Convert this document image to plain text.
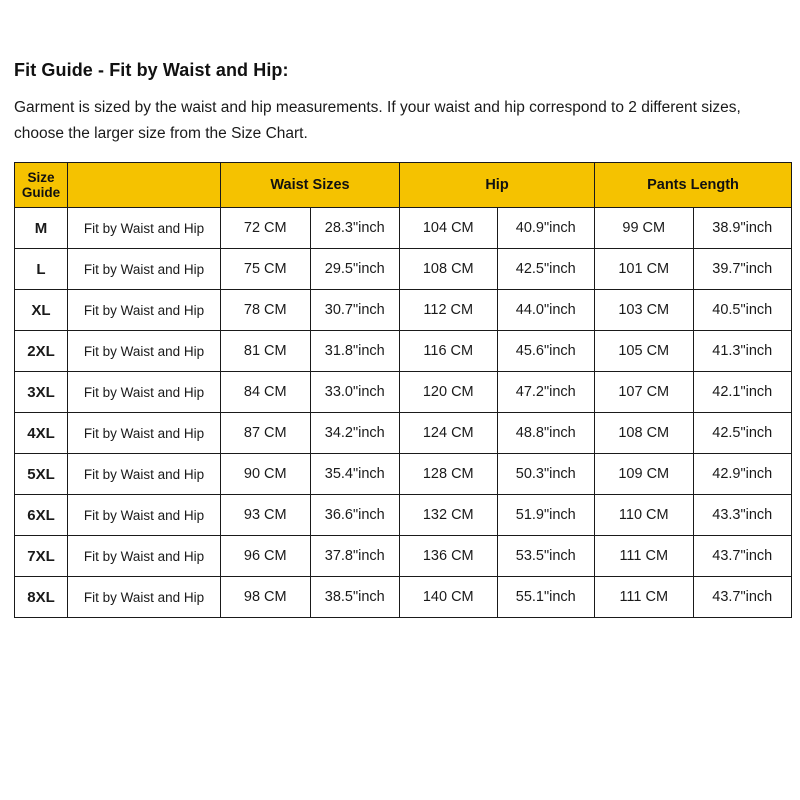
Fit Guide - Fit by Waist and Hip:

Garment is sized by the waist and hip measurements. If your waist and hip correspond to 2 different sizes, choose the larger size from the Size Chart.

Size Guide		Waist Sizes	Hip	Pants Length
M	Fit by Waist and Hip	72 CM	28.3"inch	104 CM	40.9"inch	99 CM	38.9"inch

L	Fit by Waist and Hip	75 CM	29.5"inch	108 CM	42.5"inch	101 CM	39.7"inch

XL	Fit by Waist and Hip	78 CM	30.7"inch	112 CM	44.0"inch	103 CM	40.5"inch

2XL	Fit by Waist and Hip	81 CM	31.8"inch	116 CM	45.6"inch	105 CM	41.3"inch

3XL	Fit by Waist and Hip	84 CM	33.0"inch	120 CM	47.2"inch	107 CM	42.1"inch

4XL	Fit by Waist and Hip	87 CM	34.2"inch	124 CM	48.8"inch	108 CM	42.5"inch

5XL	Fit by Waist and Hip	90 CM	35.4"inch	128 CM	50.3"inch	109 CM	42.9"inch

6XL	Fit by Waist and Hip	93 CM	36.6"inch	132 CM	51.9"inch	110 CM	43.3"inch

7XL	Fit by Waist and Hip	96 CM	37.8"inch	136 CM	53.5"inch	111 CM	43.7"inch

8XL	Fit by Waist and Hip	98 CM	38.5"inch	140 CM	55.1"inch	111 CM	43.7"inch
